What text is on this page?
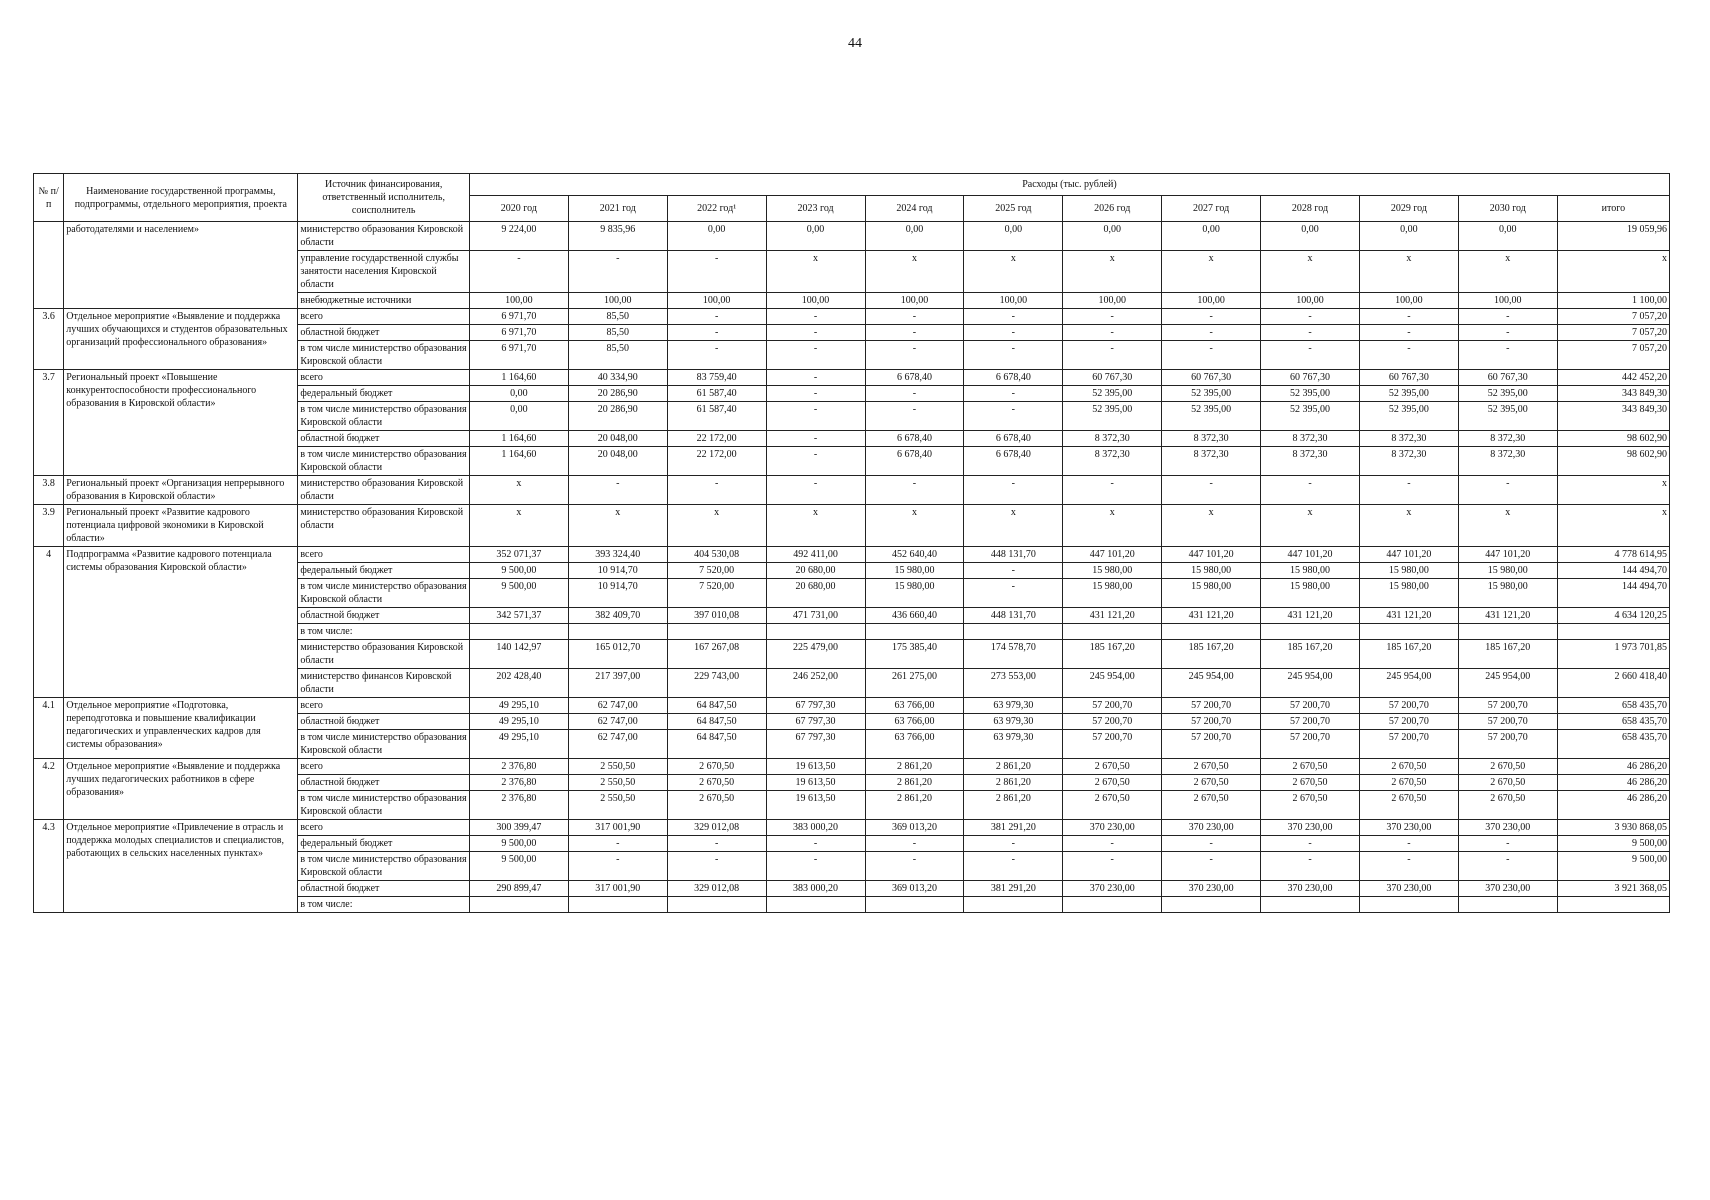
44
№ п/п	Наименование государственной программы, подпрограммы, отдельного мероприятия, проекта	Источник финансирования, ответственный исполнитель, соисполнитель	Расходы (тыс. рублей)											
			2020 год	2021 год	2022 год¹	2023 год	2024 год	2025 год	2026 год	2027 год	2028 год	2029 год	2030 год	итого
	работодателями и населением»	министерство образования Кировской области	9 224,00	9 835,96	0,00	0,00	0,00	0,00	0,00	0,00	0,00	0,00	0,00	19 059,96
		управление государственной службы занятости населения Кировской области	-	-	-	x	x	x	x	x	x	x	x	x
		внебюджетные источники	100,00	100,00	100,00	100,00	100,00	100,00	100,00	100,00	100,00	100,00	100,00	1 100,00
3.6	Отдельное мероприятие «Выявление и поддержка лучших обучающихся и студентов образовательных организаций профессионального образования»	всего	6 971,70	85,50	-	-	-	-	-	-	-	-	-	7 057,20
		областной бюджет	6 971,70	85,50	-	-	-	-	-	-	-	-	-	7 057,20
		в том числе министерство образования Кировской области	6 971,70	85,50	-	-	-	-	-	-	-	-	-	7 057,20
3.7	Региональный проект «Повышение конкурентоспособности профессионального образования в Кировской области»	всего	1 164,60	40 334,90	83 759,40	-	6 678,40	6 678,40	60 767,30	60 767,30	60 767,30	60 767,30	60 767,30	442 452,20
		федеральный бюджет	0,00	20 286,90	61 587,40	-	-	-	52 395,00	52 395,00	52 395,00	52 395,00	52 395,00	343 849,30
		в том числе министерство образования Кировской области	0,00	20 286,90	61 587,40	-	-	-	52 395,00	52 395,00	52 395,00	52 395,00	52 395,00	343 849,30
		областной бюджет	1 164,60	20 048,00	22 172,00	-	6 678,40	6 678,40	8 372,30	8 372,30	8 372,30	8 372,30	8 372,30	98 602,90
		в том числе министерство образования Кировской области	1 164,60	20 048,00	22 172,00	-	6 678,40	6 678,40	8 372,30	8 372,30	8 372,30	8 372,30	8 372,30	98 602,90
3.8	Региональный проект «Организация непрерывного образования в Кировской области»	министерство образования Кировской области	x	-	-	-	-	-	-	-	-	-	-	x
3.9	Региональный проект «Развитие кадрового потенциала цифровой экономики в Кировской области»	министерство образования Кировской области	x	x	x	x	x	x	x	x	x	x	x	x
4	Подпрограмма «Развитие кадрового потенциала системы образования Кировской области»	всего	352 071,37	393 324,40	404 530,08	492 411,00	452 640,40	448 131,70	447 101,20	447 101,20	447 101,20	447 101,20	447 101,20	4 778 614,95
		федеральный бюджет	9 500,00	10 914,70	7 520,00	20 680,00	15 980,00	-	15 980,00	15 980,00	15 980,00	15 980,00	15 980,00	144 494,70
		в том числе министерство образования Кировской области	9 500,00	10 914,70	7 520,00	20 680,00	15 980,00	-	15 980,00	15 980,00	15 980,00	15 980,00	15 980,00	144 494,70
		областной бюджет	342 571,37	382 409,70	397 010,08	471 731,00	436 660,40	448 131,70	431 121,20	431 121,20	431 121,20	431 121,20	431 121,20	4 634 120,25
		в том числе:												
		министерство образования Кировской области	140 142,97	165 012,70	167 267,08	225 479,00	175 385,40	174 578,70	185 167,20	185 167,20	185 167,20	185 167,20	185 167,20	1 973 701,85
		министерство финансов Кировской области	202 428,40	217 397,00	229 743,00	246 252,00	261 275,00	273 553,00	245 954,00	245 954,00	245 954,00	245 954,00	245 954,00	2 660 418,40
4.1	Отдельное мероприятие «Подготовка, переподготовка и повышение квалификации педагогических и управленческих кадров для системы образования»	всего	49 295,10	62 747,00	64 847,50	67 797,30	63 766,00	63 979,30	57 200,70	57 200,70	57 200,70	57 200,70	57 200,70	658 435,70
		областной бюджет	49 295,10	62 747,00	64 847,50	67 797,30	63 766,00	63 979,30	57 200,70	57 200,70	57 200,70	57 200,70	57 200,70	658 435,70
		в том числе министерство образования Кировской области	49 295,10	62 747,00	64 847,50	67 797,30	63 766,00	63 979,30	57 200,70	57 200,70	57 200,70	57 200,70	57 200,70	658 435,70
4.2	Отдельное мероприятие «Выявление и поддержка лучших педагогических работников в сфере образования»	всего	2 376,80	2 550,50	2 670,50	19 613,50	2 861,20	2 861,20	2 670,50	2 670,50	2 670,50	2 670,50	2 670,50	46 286,20
		областной бюджет	2 376,80	2 550,50	2 670,50	19 613,50	2 861,20	2 861,20	2 670,50	2 670,50	2 670,50	2 670,50	2 670,50	46 286,20
		в том числе министерство образования Кировской области	2 376,80	2 550,50	2 670,50	19 613,50	2 861,20	2 861,20	2 670,50	2 670,50	2 670,50	2 670,50	2 670,50	46 286,20
4.3	Отдельное мероприятие «Привлечение в отрасль и поддержка молодых специалистов и специалистов, работающих в сельских населенных пунктах»	всего	300 399,47	317 001,90	329 012,08	383 000,20	369 013,20	381 291,20	370 230,00	370 230,00	370 230,00	370 230,00	370 230,00	3 930 868,05
		федеральный бюджет	9 500,00	-	-	-	-	-	-	-	-	-	-	9 500,00
		в том числе министерство образования Кировской области	9 500,00	-	-	-	-	-	-	-	-	-	-	9 500,00
		областной бюджет	290 899,47	317 001,90	329 012,08	383 000,20	369 013,20	381 291,20	370 230,00	370 230,00	370 230,00	370 230,00	370 230,00	3 921 368,05
		в том числе:												
